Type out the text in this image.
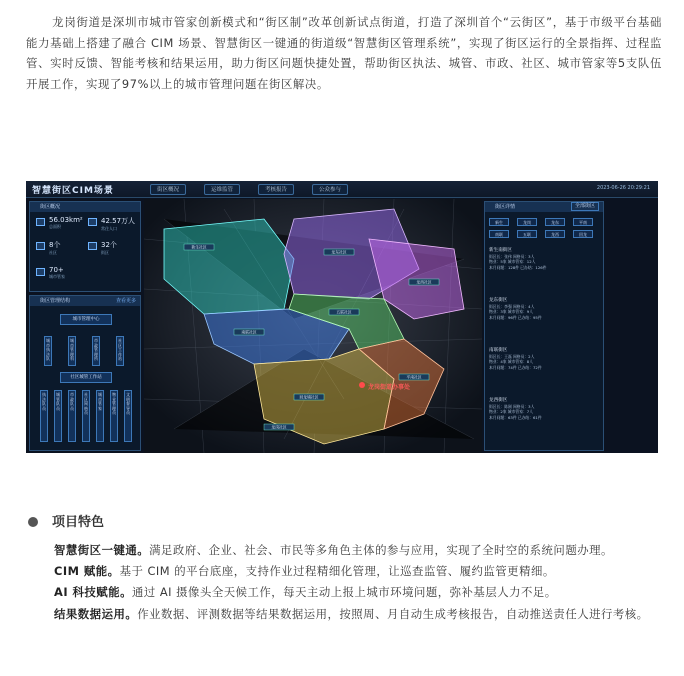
龙岗街道是深圳市城市管家创新模式和“街区制”改革创新试点街道，打造了深圳首个“云街区”，基于市级平台基础能力基础上搭建了融合 CIM 场景、智慧街区一键通的街道级“智慧街区管理系统”，实现了街区运行的全景指挥、过程监管、实时反馈、智能考核和结果运用，助力街区问题快捷处置，帮助街区执法、城管、市政、社区、城市管家等5支队伍开展工作，实现了97%以上的城市管理问题在街区解决。
智慧街区CIM场景	街区概况	运维监管	考核报告	公众参与	2023-06-26 20:29:21
新生社区
龙东社区
龙西社区
南联社区
五联社区
回龙埔社区
平南社区
龙岗社区
龙岗街道办事处
街区概况
56.03km²
总面积
42.57万人
常住人口
8个
社区
32个
街区
70+
城市管家
街区管理结构	查看更多
城市管理中心
城市执法队
城市管理科
市政管理所
社区工作站
社区城管工作站
执法队员
城管队员
市政队员
社区网格员
城市管家
物业管理员
文明督导员
街区详情	全部街区
新生	龙岗	龙东	平南
南联	五联	龙西	回龙
新生南街区
街区长：张伟 网格员：3人
物业：5家 城市管家：12人
本月问题：128件 已办结：126件
龙东街区
街区长：李强 网格员：4人
物业：3家 城市管家：9人
本月问题：96件 已办结：95件
南联街区
街区长：王磊 网格员：2人
物业：4家 城市管家：8人
本月问题：74件 已办结：72件
龙西街区
街区长：陈刚 网格员：3人
物业：2家 城市管家：7人
本月问题：63件 已办结：61件
项目特色

智慧街区一键通。满足政府、企业、社会、市民等多角色主体的参与应用，实现了全时空的系统问题办理。

CIM 赋能。基于 CIM 的平台底座，支持作业过程精细化管理，让巡查监管、履约监管更精细。

AI 科技赋能。通过 AI 摄像头全天候工作，每天主动上报上城市环境问题，弥补基层人力不足。

结果数据运用。作业数据、评测数据等结果数据运用，按照周、月自动生成考核报告，自动推送责任人进行考核。
